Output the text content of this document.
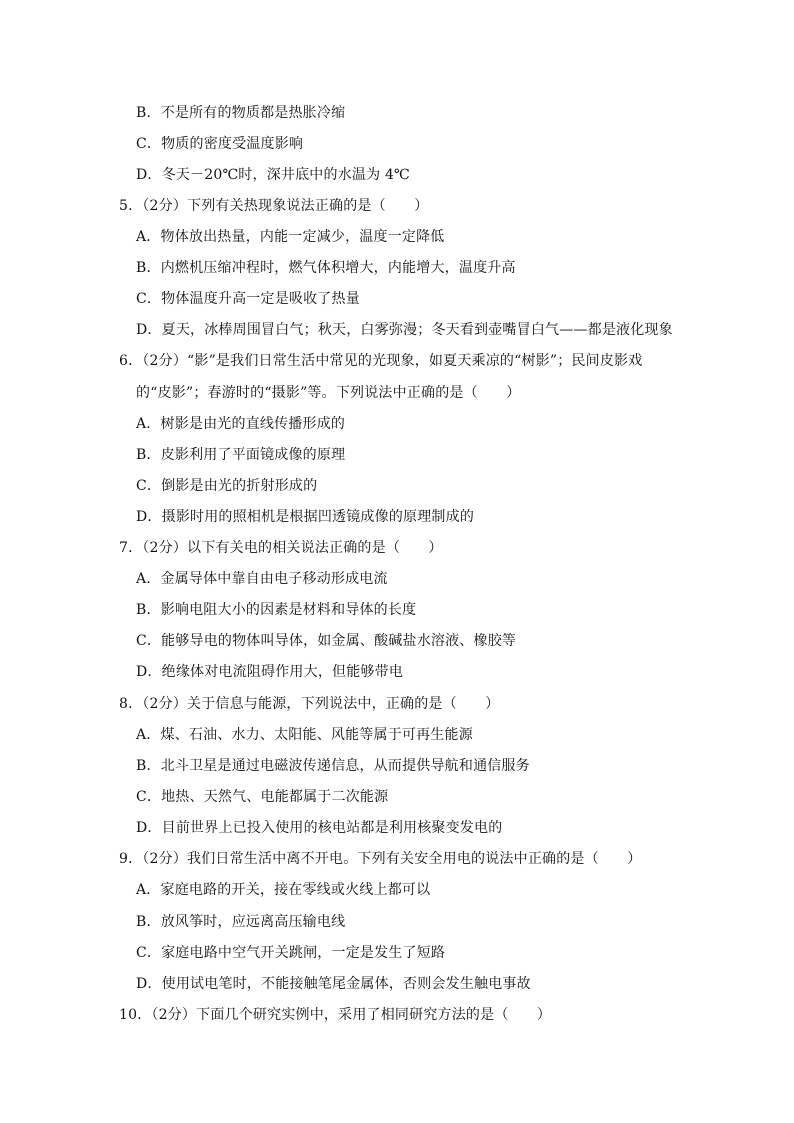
B．不是所有的物质都是热胀冷缩
C．物质的密度受温度影响
D．冬天－20℃时，深井底中的水温为 4℃
5．（2分）下列有关热现象说法正确的是（　　）
A．物体放出热量，内能一定减少，温度一定降低
B．内燃机压缩冲程时，燃气体积增大，内能增大，温度升高
C．物体温度升高一定是吸收了热量
D．夏天，冰棒周围冒白气；秋天，白雾弥漫；冬天看到壶嘴冒白气——都是液化现象
6．（2分）“影”是我们日常生活中常见的光现象，如夏天乘凉的“树影”；民间皮影戏
的“皮影”；春游时的“摄影”等。下列说法中正确的是（　　）
A．树影是由光的直线传播形成的
B．皮影利用了平面镜成像的原理
C．倒影是由光的折射形成的
D．摄影时用的照相机是根据凹透镜成像的原理制成的
7．（2分）以下有关电的相关说法正确的是（　　）
A．金属导体中靠自由电子移动形成电流
B．影响电阻大小的因素是材料和导体的长度
C．能够导电的物体叫导体，如金属、酸碱盐水溶液、橡胶等
D．绝缘体对电流阻碍作用大，但能够带电
8．（2分）关于信息与能源，下列说法中，正确的是（　　）
A．煤、石油、水力、太阳能、风能等属于可再生能源
B．北斗卫星是通过电磁波传递信息，从而提供导航和通信服务
C．地热、天然气、电能都属于二次能源
D．目前世界上已投入使用的核电站都是利用核聚变发电的
9．（2分）我们日常生活中离不开电。下列有关安全用电的说法中正确的是（　　）
A．家庭电路的开关，接在零线或火线上都可以
B．放风筝时，应远离高压输电线
C．家庭电路中空气开关跳闸，一定是发生了短路
D．使用试电笔时，不能接触笔尾金属体，否则会发生触电事故
10．（2分）下面几个研究实例中，采用了相同研究方法的是（　　）
